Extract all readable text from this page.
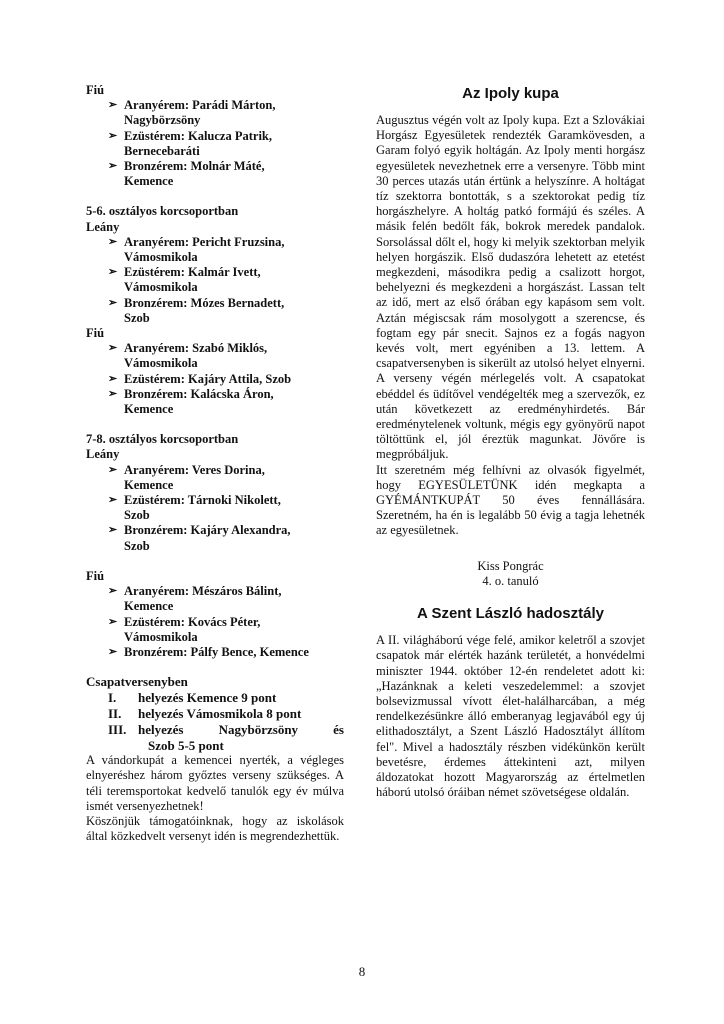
Fiú
➢ Aranyérem: Parádi Márton,
Nagybörzsöny
➢ Ezüstérem: Kalucza Patrik,
Bernecebaráti
➢ Bronzérem: Molnár Máté,
Kemence
5-6. osztályos korcsoportban
Leány
➢ Aranyérem: Pericht Fruzsina,
Vámosmikola
➢ Ezüstérem: Kalmár Ivett,
Vámosmikola
➢ Bronzérem: Mózes Bernadett,
Szob
Fiú
➢ Aranyérem: Szabó Miklós,
Vámosmikola
➢ Ezüstérem: Kajáry Attila, Szob
➢ Bronzérem: Kalácska Áron,
Kemence
7-8. osztályos korcsoportban
Leány
➢ Aranyérem: Veres Dorina,
Kemence
➢ Ezüstérem: Tárnoki Nikolett,
Szob
➢ Bronzérem: Kajáry Alexandra,
Szob
Fiú
➢ Aranyérem: Mészáros Bálint,
Kemence
➢ Ezüstérem: Kovács Péter,
Vámosmikola
➢ Bronzérem: Pálfy Bence, Kemence
Csapatversenyben
I.	helyezés Kemence 9 pont
II.	helyezés Vámosmikola 8 pont
III. helyezés Nagybörzsöny és
Szob 5-5 pont

A vándorkupát a kemencei nyerték, a végleges elnyeréshez három győztes verseny szükséges. A téli teremsportokat kedvelő tanulók egy év múlva ismét versenyezhetnek!

Köszönjük támogatóinknak, hogy az iskolások által közkedvelt versenyt idén is megrendezhettük.

Az Ipoly kupa

Augusztus végén volt az Ipoly kupa. Ezt a Szlovákiai Horgász Egyesületek rendezték Garamkövesden, a Garam folyó egyik holtágán. Az Ipoly menti horgász egyesületek nevezhetnek erre a versenyre. Több mint 30 perces utazás után értünk a helyszínre. A holtágat tíz szektorra bontották, s a szektorokat pedig tíz horgászhelyre. A holtág patkó formájú és széles. A másik felén bedőlt fák, bokrok meredek pandalok. Sorsolással dőlt el, hogy ki melyik szektorban melyik helyen horgászik. Első dudaszóra lehetett az etetést megkezdeni, másodikra pedig a csalizott horgot, behelyezni és megkezdeni a horgászást. Lassan telt az idő, mert az első órában egy kapásom sem volt. Aztán mégiscsak rám mosolygott a szerencse, és fogtam egy pár snecit. Sajnos ez a fogás nagyon kevés volt, mert egyéniben a 13. lettem. A csapatversenyben is sikerült az utolsó helyet elnyerni. A verseny végén mérlegelés volt. A csapatokat ebéddel és üdítővel vendégelték meg a szervezők, ez után következett az eredményhirdetés. Bár eredménytelenek voltunk, mégis egy gyönyörű napot töltöttünk el, jól éreztük magunkat. Jövőre is megpróbáljuk.

Itt szeretném még felhívni az olvasók figyelmét, hogy EGYESÜLETÜNK idén megkapta a GYÉMÁNTKUPÁT 50 éves fennállására. Szeretném, ha én is legalább 50 évig a tagja lehetnék az egyesületnek.

Kiss Pongrác
4. o. tanuló
A Szent László hadosztály

A II. világháború vége felé, amikor keletről a szovjet csapatok már elérték hazánk területét, a honvédelmi miniszter 1944. október 12-én rendeletet adott ki: „Hazánknak a keleti veszedelemmel: a szovjet bolsevizmussal vívott élet-halálharcában, a még rendelkezésünkre álló emberanyag legjavából egy új elithadosztályt, a Szent László Hadosztályt állítom fel". Mivel a hadosztály részben vidékünkön került bevetésre, érdemes áttekinteni azt, milyen áldozatokat hozott Magyarország az értelmetlen háború utolsó óráiban német szövetségese oldalán.

8
